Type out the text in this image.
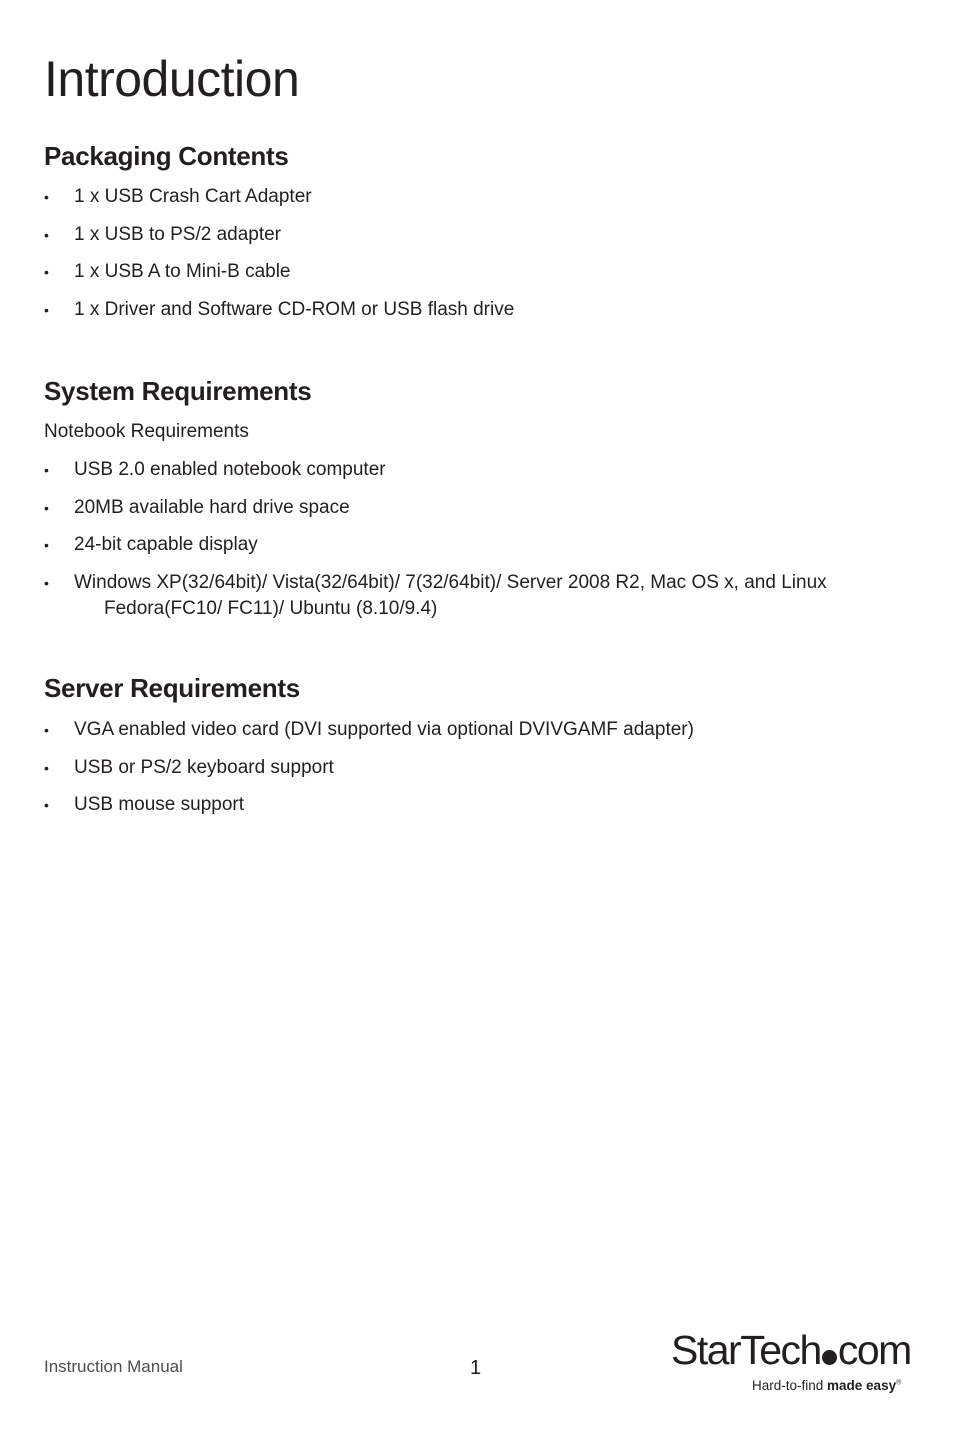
Introduction
Packaging Contents
• 1 x USB Crash Cart Adapter
• 1 x USB to PS/2 adapter
• 1 x USB A to Mini-B cable
• 1 x Driver and Software CD-ROM or USB flash drive
System Requirements

Notebook Requirements

• USB 2.0 enabled notebook computer
• 20MB available hard drive space
• 24-bit capable display
• Windows XP(32/64bit)/ Vista(32/64bit)/ 7(32/64bit)/ Server 2008 R2, Mac OS x, and Linux
Fedora(FC10/ FC11)/ Ubuntu (8.10/9.4)
Server Requirements
• VGA enabled video card (DVI supported via optional DVIVGAMF adapter)
• USB or PS/2 keyboard support
• USB mouse support
Instruction Manual	1	StarTech com
Hard-to-find made easy®
